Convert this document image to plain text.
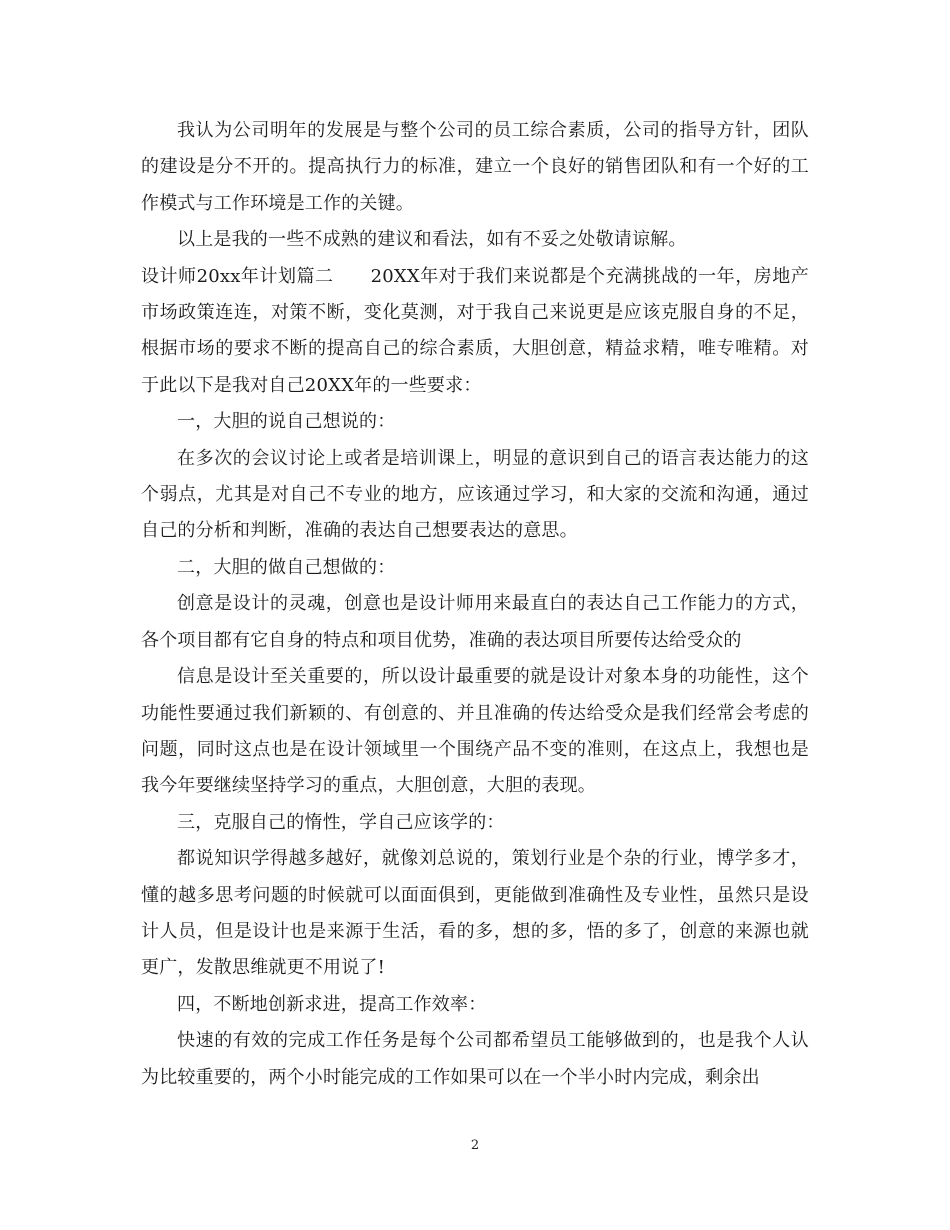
我认为公司明年的发展是与整个公司的员工综合素质，公司的指导方针，团队的建设是分不开的。提高执行力的标准，建立一个良好的销售团队和有一个好的工作模式与工作环境是工作的关键。

以上是我的一些不成熟的建议和看法，如有不妥之处敬请谅解。

设计师20xx年计划篇二　　20XX年对于我们来说都是个充满挑战的一年，房地产市场政策连连，对策不断，变化莫测，对于我自己来说更是应该克服自身的不足，根据市场的要求不断的提高自己的综合素质，大胆创意，精益求精，唯专唯精。对于此以下是我对自己20XX年的一些要求：

一，大胆的说自己想说的：

在多次的会议讨论上或者是培训课上，明显的意识到自己的语言表达能力的这个弱点，尤其是对自己不专业的地方，应该通过学习，和大家的交流和沟通，通过自己的分析和判断，准确的表达自己想要表达的意思。

二，大胆的做自己想做的：

创意是设计的灵魂，创意也是设计师用来最直白的表达自己工作能力的方式，各个项目都有它自身的特点和项目优势，准确的表达项目所要传达给受众的

信息是设计至关重要的，所以设计最重要的就是设计对象本身的功能性，这个功能性要通过我们新颖的、有创意的、并且准确的传达给受众是我们经常会考虑的问题，同时这点也是在设计领域里一个围绕产品不变的准则，在这点上，我想也是我今年要继续坚持学习的重点，大胆创意，大胆的表现。

三，克服自己的惰性，学自己应该学的：

都说知识学得越多越好，就像刘总说的，策划行业是个杂的行业，博学多才，懂的越多思考问题的时候就可以面面俱到，更能做到准确性及专业性，虽然只是设计人员，但是设计也是来源于生活，看的多，想的多，悟的多了，创意的来源也就更广，发散思维就更不用说了!

四，不断地创新求进，提高工作效率：

快速的有效的完成工作任务是每个公司都希望员工能够做到的，也是我个人认为比较重要的，两个小时能完成的工作如果可以在一个半小时内完成，剩余出

2
